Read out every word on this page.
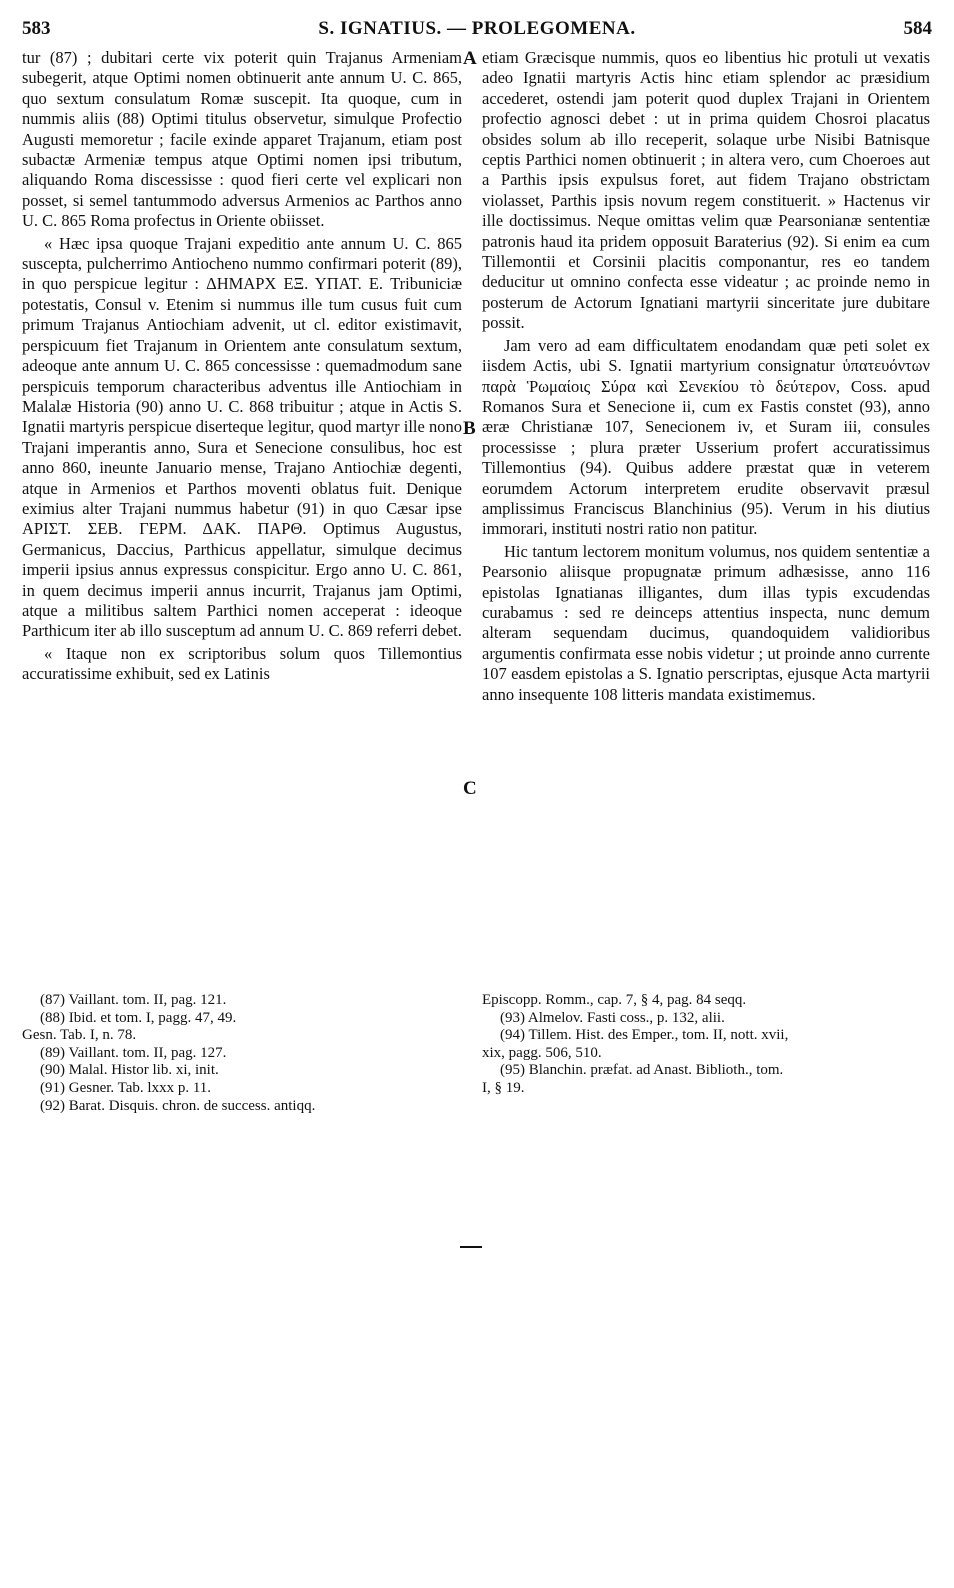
583	S. IGNATIUS. — PROLEGOMENA.	584
A
B
C

tur (87) ; dubitari certe vix poterit quin Trajanus Armeniam subegerit, atque Optimi nomen obtinuerit ante annum U. C. 865, quo sextum consulatum Romæ suscepit. Ita quoque, cum in nummis aliis (88) Optimi titulus observetur, simulque Profectio Augusti memoretur ; facile exinde apparet Trajanum, etiam post subactæ Armeniæ tempus atque Optimi nomen ipsi tributum, aliquando Roma discessisse : quod fieri certe vel explicari non posset, si semel tantummodo adversus Armenios ac Parthos anno U. C. 865 Roma profectus in Oriente obiisset.

« Hæc ipsa quoque Trajani expeditio ante annum U. C. 865 suscepta, pulcherrimo Antiocheno nummo confirmari poterit (89), in quo perspicue legitur : ΔΗΜΑΡΧ ΕΞ. ΥΠΑΤ. Ε. Tribuniciæ potestatis, Consul v. Etenim si nummus ille tum cusus fuit cum primum Trajanus Antiochiam advenit, ut cl. editor existimavit, perspicuum fiet Trajanum in Orientem ante consulatum sextum, adeoque ante annum U. C. 865 concessisse : quemadmodum sane perspicuis temporum characteribus adventus ille Antiochiam in Malalæ Historia (90) anno U. C. 868 tribuitur ; atque in Actis S. Ignatii martyris perspicue diserteque legitur, quod martyr ille nono Trajani imperantis anno, Sura et Senecione consulibus, hoc est anno 860, ineunte Januario mense, Trajano Antiochiæ degenti, atque in Armenios et Parthos moventi oblatus fuit. Denique eximius alter Trajani nummus habetur (91) in quo Cæsar ipse ΑΡΙΣΤ. ΣΕΒ. ΓΕΡΜ. ΔΑΚ. ΠΑΡΘ. Optimus Augustus, Germanicus, Daccius, Parthicus appellatur, simulque decimus imperii ipsius annus expressus conspicitur. Ergo anno U. C. 861, in quem decimus imperii annus incurrit, Trajanus jam Optimi, atque a militibus saltem Parthici nomen acceperat : ideoque Parthicum iter ab illo susceptum ad annum U. C. 869 referri debet.

« Itaque non ex scriptoribus solum quos Tillemontius accuratissime exhibuit, sed ex Latinis

etiam Græcisque nummis, quos eo libentius hic protuli ut vexatis adeo Ignatii martyris Actis hinc etiam splendor ac præsidium accederet, ostendi jam poterit quod duplex Trajani in Orientem profectio agnosci debet : ut in prima quidem Chosroi placatus obsides solum ab illo receperit, solaque urbe Nisibi Batnisque ceptis Parthici nomen obtinuerit ; in altera vero, cum Choeroes aut a Parthis ipsis expulsus foret, aut fidem Trajano obstrictam violasset, Parthis ipsis novum regem constituerit. » Hactenus vir ille doctissimus. Neque omittas velim quæ Pearsonianæ sententiæ patronis haud ita pridem opposuit Baraterius (92). Si enim ea cum Tillemontii et Corsinii placitis componantur, res eo tandem deducitur ut omnino confecta esse videatur ; ac proinde nemo in posterum de Actorum Ignatiani martyrii sinceritate jure dubitare possit.

Jam vero ad eam difficultatem enodandam quæ peti solet ex iisdem Actis, ubi S. Ignatii martyrium consignatur ὑπατευόντων παρὰ Ῥωμαίοις Σύρα καὶ Σενεκίου τὸ δεύτερον, Coss. apud Romanos Sura et Senecione ii, cum ex Fastis constet (93), anno æræ Christianæ 107, Senecionem iv, et Suram iii, consules processisse ; plura præter Usserium profert accuratissimus Tillemontius (94). Quibus addere præstat quæ in veterem eorumdem Actorum interpretem erudite observavit præsul amplissimus Franciscus Blanchinius (95). Verum in his diutius immorari, instituti nostri ratio non patitur.

Hic tantum lectorem monitum volumus, nos quidem sententiæ a Pearsonio aliisque propugnatæ primum adhæsisse, anno 116 epistolas Ignatianas illigantes, dum illas typis excudendas curabamus : sed re deinceps attentius inspecta, nunc demum alteram sequendam ducimus, quandoquidem validioribus argumentis confirmata esse nobis videtur ; ut proinde anno currente 107 easdem epistolas a S. Ignatio perscriptas, ejusque Acta martyrii anno insequente 108 litteris mandata existimemus.

(87) Vaillant. tom. II, pag. 121.
(88) Ibid. et tom. I, pagg. 47, 49.
Gesn. Tab. I, n. 78.
(89) Vaillant. tom. II, pag. 127.
(90) Malal. Histor lib. xi, init.
(91) Gesner. Tab. lxxx p. 11.
(92) Barat. Disquis. chron. de success. antiqq.
Episcopp. Romm., cap. 7, § 4, pag. 84 seqq.
(93) Almelov. Fasti coss., p. 132, alii.
(94) Tillem. Hist. des Emper., tom. II, nott. xvii,
xix, pagg. 506, 510.
(95) Blanchin. præfat. ad Anast. Biblioth., tom.
I, § 19.
